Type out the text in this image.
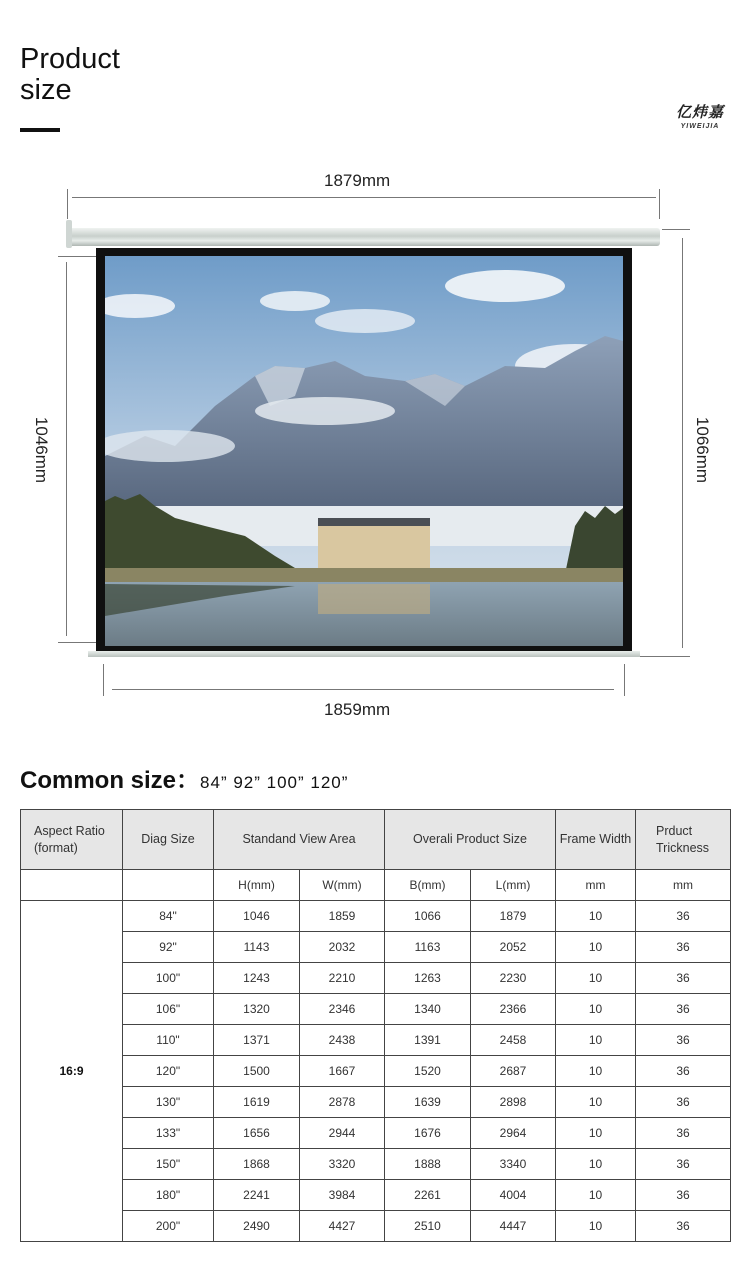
Product
size
亿炜嘉
YIWEIJIA
1879mm
1046mm	1066mm
1859mm
Common size：84” 92” 100” 120”
Aspect Ratio (format)	Diag Size	Standand View Area		Overali Product Size		Frame Width	Prduct Trickness
		H(mm)	W(mm)	B(mm)	L(mm)	mm	mm
16:9	84"	1046	1859	1066	1879	10	36
	92"	1143	2032	1163	2052	10	36
	100"	1243	2210	1263	2230	10	36
	106"	1320	2346	1340	2366	10	36
	110"	1371	2438	1391	2458	10	36
	120"	1500	1667	1520	2687	10	36
	130"	1619	2878	1639	2898	10	36
	133"	1656	2944	1676	2964	10	36
	150"	1868	3320	1888	3340	10	36
	180"	2241	3984	2261	4004	10	36
	200"	2490	4427	2510	4447	10	36
